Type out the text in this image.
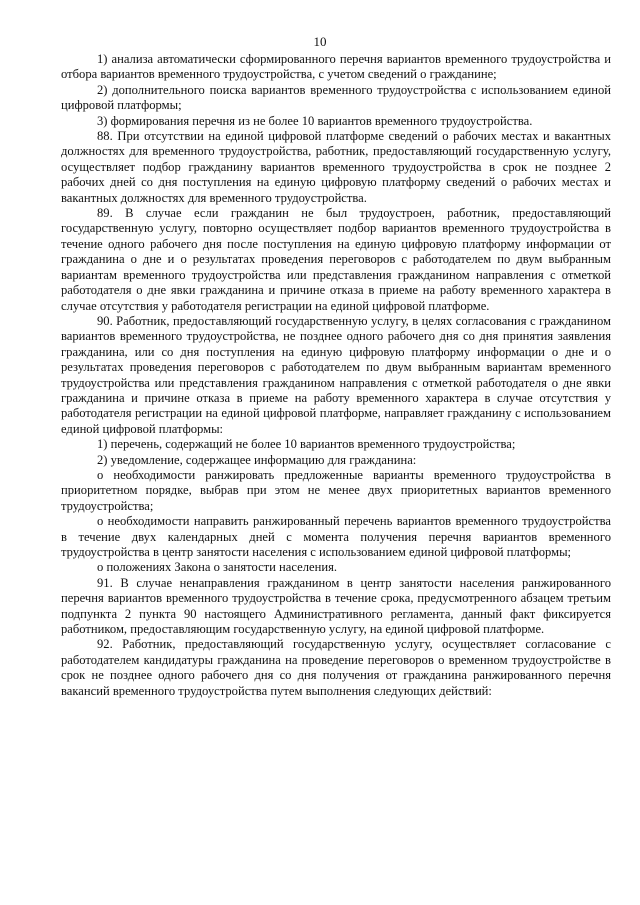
10

1) анализа автоматически сформированного перечня вариантов временного трудоустройства и отбора вариантов временного трудоустройства, с учетом сведений о гражданине;

2) дополнительного поиска вариантов временного трудоустройства с использованием единой цифровой платформы;

3) формирования перечня из не более 10 вариантов временного трудоустройства.

88. При отсутствии на единой цифровой платформе сведений о рабочих местах и вакантных должностях для временного трудоустройства, работник, предоставляющий государственную услугу, осуществляет подбор гражданину вариантов временного трудоустройства в срок не позднее 2 рабочих дней со дня поступления на единую цифровую платформу сведений о рабочих местах и вакантных должностях для временного трудоустройства.

89. В случае если гражданин не был трудоустроен, работник, предоставляющий государственную услугу, повторно осуществляет подбор вариантов временного трудоустройства в течение одного рабочего дня после поступления на единую цифровую платформу информации от гражданина о дне и о результатах проведения переговоров с работодателем по двум выбранным вариантам временного трудоустройства или представления гражданином направления с отметкой работодателя о дне явки гражданина и причине отказа в приеме на работу временного характера в случае отсутствия у работодателя регистрации на единой цифровой платформе.

90. Работник, предоставляющий государственную услугу, в целях согласования с гражданином вариантов временного трудоустройства, не позднее одного рабочего дня со дня принятия заявления гражданина, или со дня поступления на единую цифровую платформу информации о дне и о результатах проведения переговоров с работодателем по двум выбранным вариантам временного трудоустройства или представления гражданином направления с отметкой работодателя о дне явки гражданина и причине отказа в приеме на работу временного характера в случае отсутствия у работодателя регистрации на единой цифровой платформе, направляет гражданину с использованием единой цифровой платформы:

1) перечень, содержащий не более 10 вариантов временного трудоустройства;

2) уведомление, содержащее информацию для гражданина:

о необходимости ранжировать предложенные варианты временного трудоустройства в приоритетном порядке, выбрав при этом не менее двух приоритетных вариантов временного трудоустройства;

о необходимости направить ранжированный перечень вариантов временного трудоустройства в течение двух календарных дней с момента получения перечня вариантов временного трудоустройства в центр занятости населения с использованием единой цифровой платформы;

о положениях Закона о занятости населения.

91. В случае ненаправления гражданином в центр занятости населения ранжированного перечня вариантов временного трудоустройства в течение срока, предусмотренного абзацем третьим подпункта 2 пункта 90 настоящего Административного регламента, данный факт фиксируется работником, предоставляющим государственную услугу, на единой цифровой платформе.

92. Работник, предоставляющий государственную услугу, осуществляет согласование с работодателем кандидатуры гражданина на проведение переговоров о временном трудоустройстве в срок не позднее одного рабочего дня со дня получения от гражданина ранжированного перечня вакансий временного трудоустройства путем выполнения следующих действий:
